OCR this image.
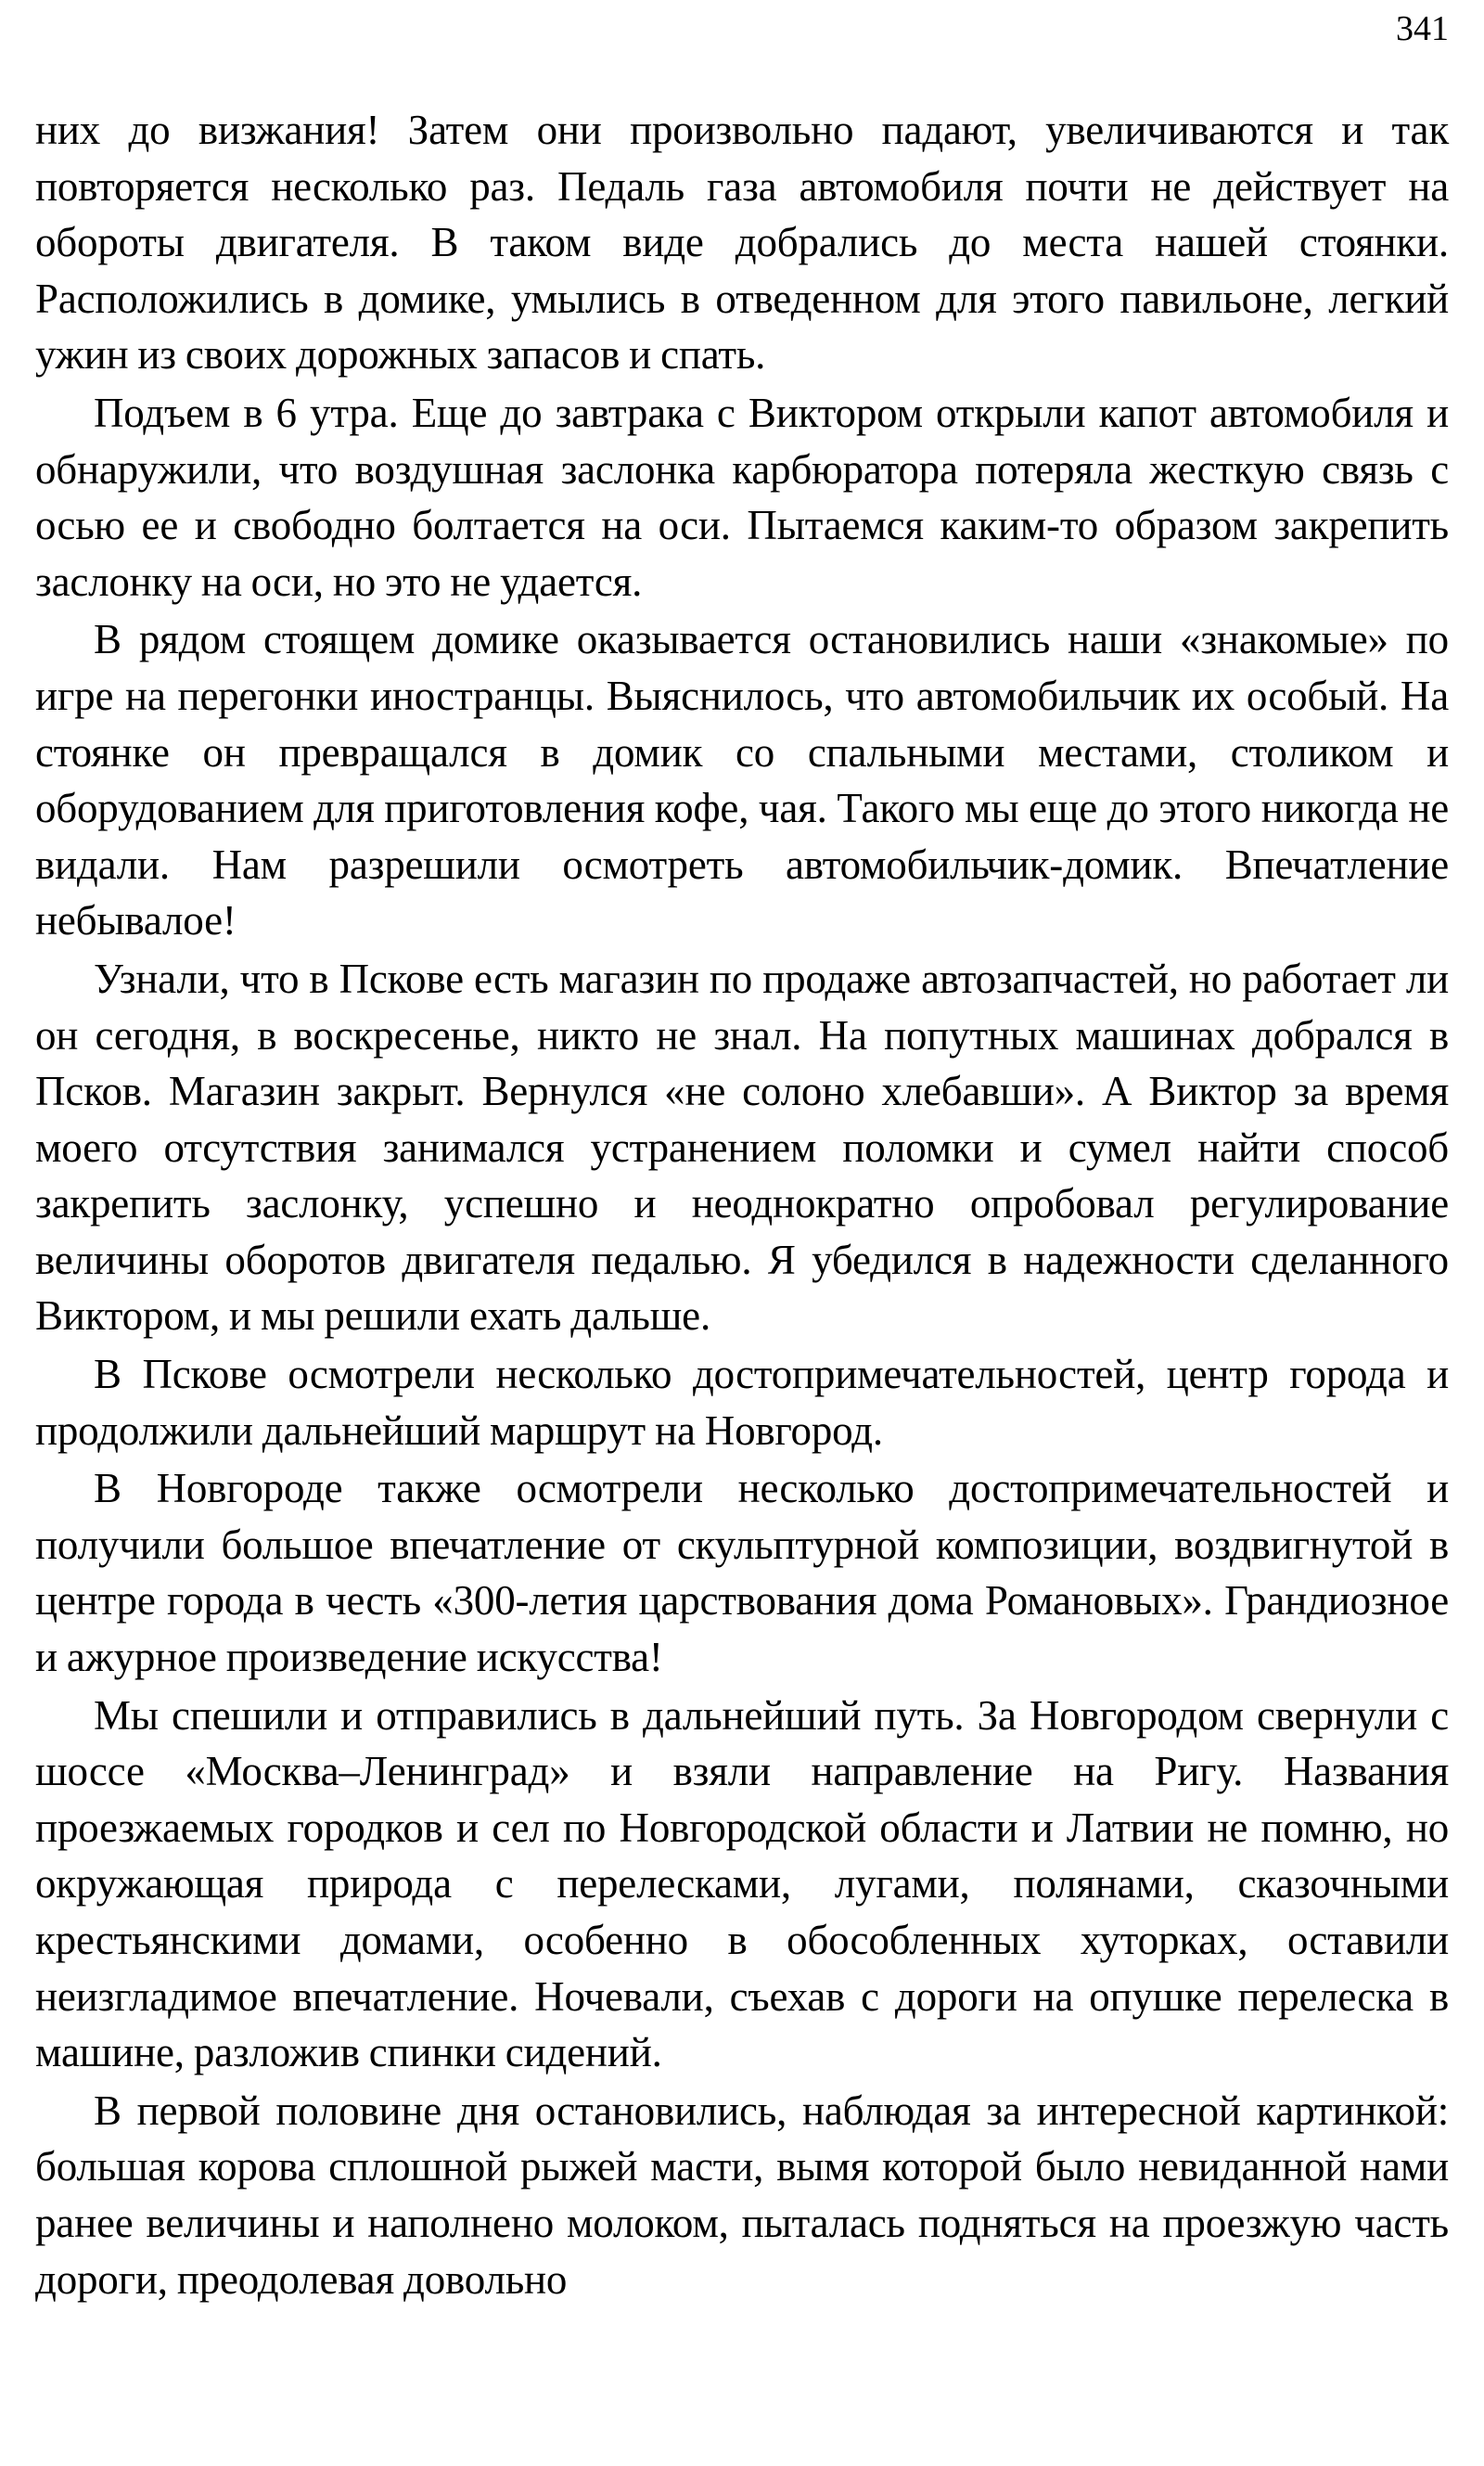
341

них до визжания! Затем они произвольно падают, увеличиваются и так повторяется несколько раз. Педаль газа автомобиля почти не действует на обороты двигателя. В таком виде добрались до места нашей стоянки. Расположились в домике, умылись в отведенном для этого павильоне, легкий ужин из своих дорожных запасов и спать.

Подъем в 6 утра. Еще до завтрака с Виктором открыли капот автомобиля и обнаружили, что воздушная заслонка карбюратора потеряла жесткую связь с осью ее и свободно болтается на оси. Пытаемся каким-то образом закрепить заслонку на оси, но это не удается.

В рядом стоящем домике оказывается остановились наши «знакомые» по игре на перегонки иностранцы. Выяснилось, что автомобильчик их особый. На стоянке он превращался в домик со спальными местами, столиком и оборудованием для приготовления кофе, чая. Такого мы еще до этого никогда не видали. Нам разрешили осмотреть автомобильчик-домик. Впечатление небывалое!

Узнали, что в Пскове есть магазин по продаже автозапчастей, но работает ли он сегодня, в воскресенье, никто не знал. На попутных машинах добрался в Псков. Магазин закрыт. Вернулся «не солоно хлебавши». А Виктор за время моего отсутствия занимался устранением поломки и сумел найти способ закрепить заслонку, успешно и неоднократно опробовал регулирование величины оборотов двигателя педалью. Я убедился в надежности сделанного Виктором, и мы решили ехать дальше.

В Пскове осмотрели несколько достопримечательностей, центр города и продолжили дальнейший маршрут на Новгород.

В Новгороде также осмотрели несколько достопримечательностей и получили большое впечатление от скульптурной композиции, воздвигнутой в центре города в честь «300-летия царствования дома Романовых». Грандиозное и ажурное произведение искусства!

Мы спешили и отправились в дальнейший путь. За Новгородом свернули с шоссе «Москва–Ленинград» и взяли направление на Ригу. Названия проезжаемых городков и сел по Новгородской области и Латвии не помню, но окружающая природа с перелесками, лугами, полянами, сказочными крестьянскими домами, особенно в обособленных хуторках, оставили неизгладимое впечатление. Ночевали, съехав с дороги на опушке перелеска в машине, разложив спинки сидений.

В первой половине дня остановились, наблюдая за интересной картинкой: большая корова сплошной рыжей масти, вымя которой было невиданной нами ранее величины и наполнено молоком, пыталась подняться на проезжую часть дороги, преодолевая довольно
